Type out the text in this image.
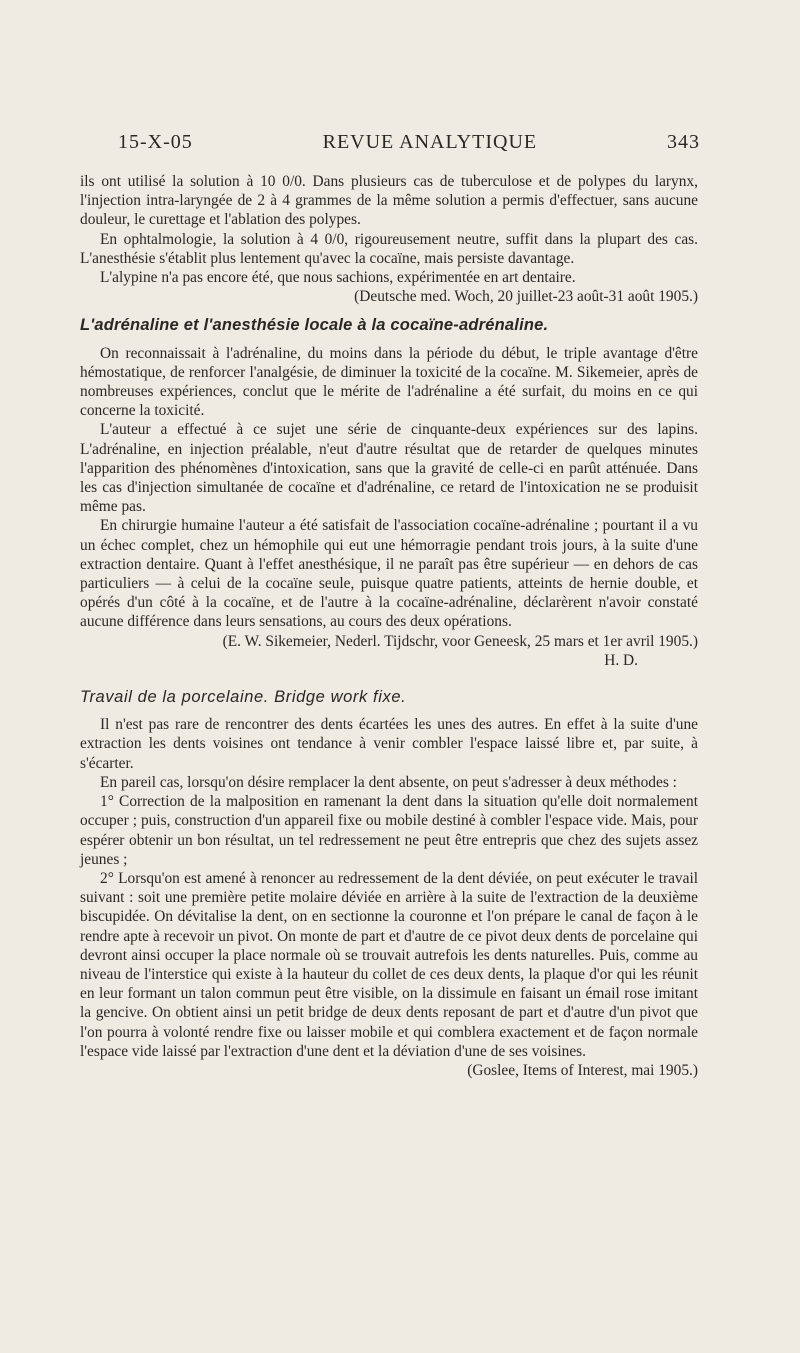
15-X-05	REVUE ANALYTIQUE	343

ils ont utilisé la solution à 10 0/0. Dans plusieurs cas de tuberculose et de polypes du larynx, l'injection intra-laryngée de 2 à 4 grammes de la même solution a permis d'effectuer, sans aucune douleur, le curettage et l'ablation des polypes.

En ophtalmologie, la solution à 4 0/0, rigoureusement neutre, suffit dans la plupart des cas. L'anesthésie s'établit plus lentement qu'avec la cocaïne, mais persiste davantage.

L'alypine n'a pas encore été, que nous sachions, expérimentée en art dentaire.

(Deutsche med. Woch, 20 juillet-23 août-31 août 1905.)

L'adrénaline et l'anesthésie locale à la cocaïne-adrénaline.

On reconnaissait à l'adrénaline, du moins dans la période du début, le triple avantage d'être hémostatique, de renforcer l'analgésie, de diminuer la toxicité de la cocaïne. M. Sikemeier, après de nombreuses expériences, conclut que le mérite de l'adrénaline a été surfait, du moins en ce qui concerne la toxicité.

L'auteur a effectué à ce sujet une série de cinquante-deux expériences sur des lapins. L'adrénaline, en injection préalable, n'eut d'autre résultat que de retarder de quelques minutes l'apparition des phénomènes d'intoxication, sans que la gravité de celle-ci en parût atténuée. Dans les cas d'injection simultanée de cocaïne et d'adrénaline, ce retard de l'intoxication ne se produisit même pas.

En chirurgie humaine l'auteur a été satisfait de l'association cocaïne-adrénaline ; pourtant il a vu un échec complet, chez un hémophile qui eut une hémorragie pendant trois jours, à la suite d'une extraction dentaire. Quant à l'effet anesthésique, il ne paraît pas être supérieur — en dehors de cas particuliers — à celui de la cocaïne seule, puisque quatre patients, atteints de hernie double, et opérés d'un côté à la cocaïne, et de l'autre à la cocaïne-adrénaline, déclarèrent n'avoir constaté aucune différence dans leurs sensations, au cours des deux opérations.

(E. W. Sikemeier, Nederl. Tijdschr, voor Geneesk, 25 mars et 1er avril 1905.)

H. D.

Travail de la porcelaine. Bridge work fixe.

Il n'est pas rare de rencontrer des dents écartées les unes des autres. En effet à la suite d'une extraction les dents voisines ont tendance à venir combler l'espace laissé libre et, par suite, à s'écarter.

En pareil cas, lorsqu'on désire remplacer la dent absente, on peut s'adresser à deux méthodes :

1° Correction de la malposition en ramenant la dent dans la situation qu'elle doit normalement occuper ; puis, construction d'un appareil fixe ou mobile destiné à combler l'espace vide. Mais, pour espérer obtenir un bon résultat, un tel redressement ne peut être entrepris que chez des sujets assez jeunes ;

2° Lorsqu'on est amené à renoncer au redressement de la dent déviée, on peut exécuter le travail suivant : soit une première petite molaire déviée en arrière à la suite de l'extraction de la deuxième biscupidée. On dévitalise la dent, on en sectionne la couronne et l'on prépare le canal de façon à le rendre apte à recevoir un pivot. On monte de part et d'autre de ce pivot deux dents de porcelaine qui devront ainsi occuper la place normale où se trouvait autrefois les dents naturelles. Puis, comme au niveau de l'interstice qui existe à la hauteur du collet de ces deux dents, la plaque d'or qui les réunit en leur formant un talon commun peut être visible, on la dissimule en faisant un émail rose imitant la gencive. On obtient ainsi un petit bridge de deux dents reposant de part et d'autre d'un pivot que l'on pourra à volonté rendre fixe ou laisser mobile et qui comblera exactement et de façon normale l'espace vide laissé par l'extraction d'une dent et la déviation d'une de ses voisines.

(Goslee, Items of Interest, mai 1905.)
